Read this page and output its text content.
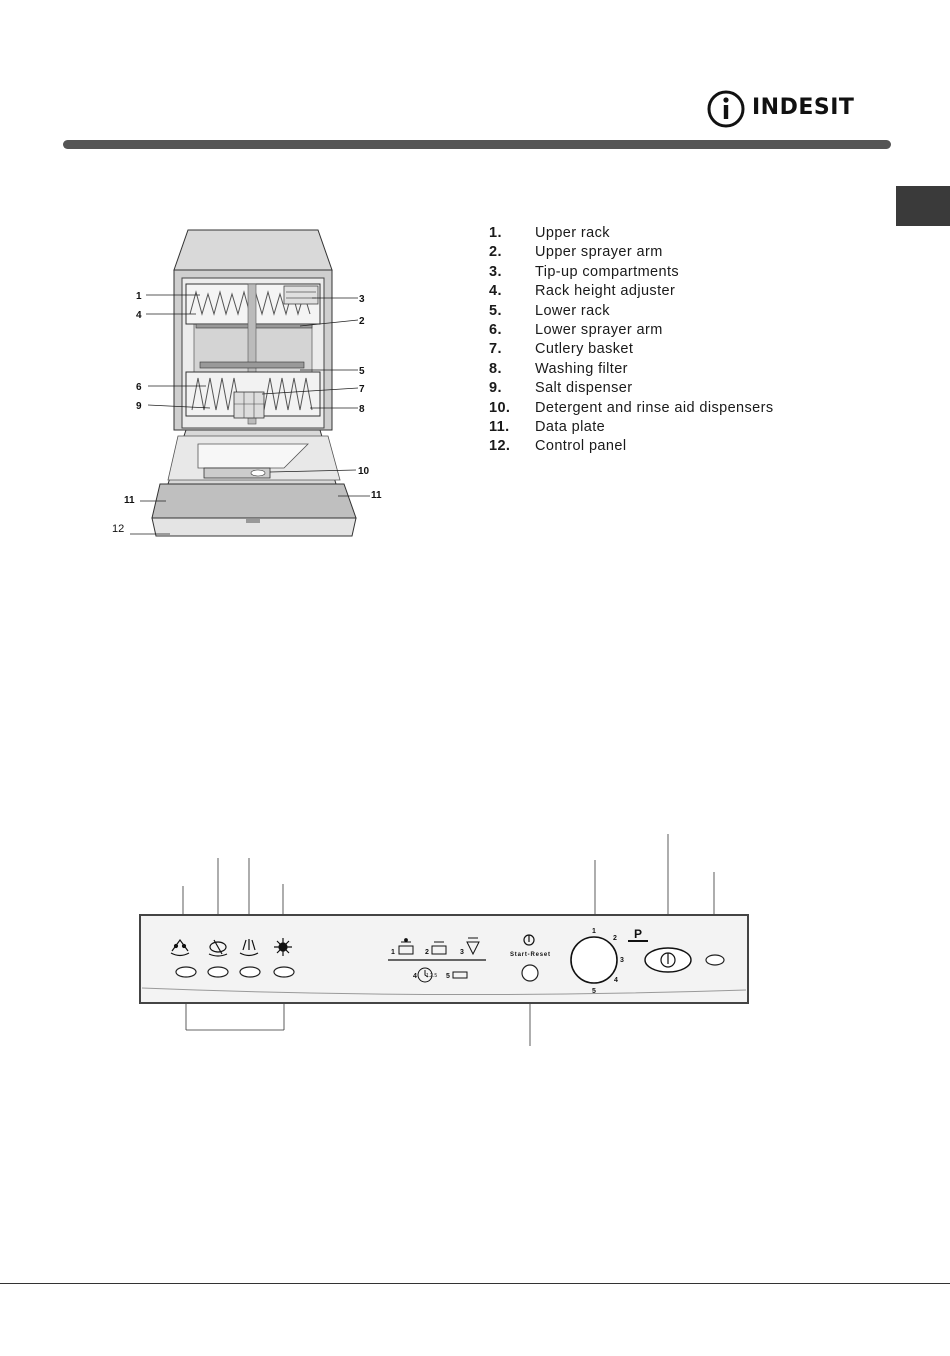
INDESIT
1
4
3
2
5
6	7
9	8
10
11	11
12
1.	Upper rack
2.	Upper sprayer arm
3.	Tip-up compartments
4.	Rack height adjuster
5.	Lower rack
6.	Lower sprayer arm
7.	Cutlery basket
8.	Washing filter
9.	Salt dispenser
10.	Detergent and rinse aid dispensers
11.	Data plate
12.	Control panel
1	2	3
4	5
1.2.5
Start-Reset
1
2
3
4
5
P
